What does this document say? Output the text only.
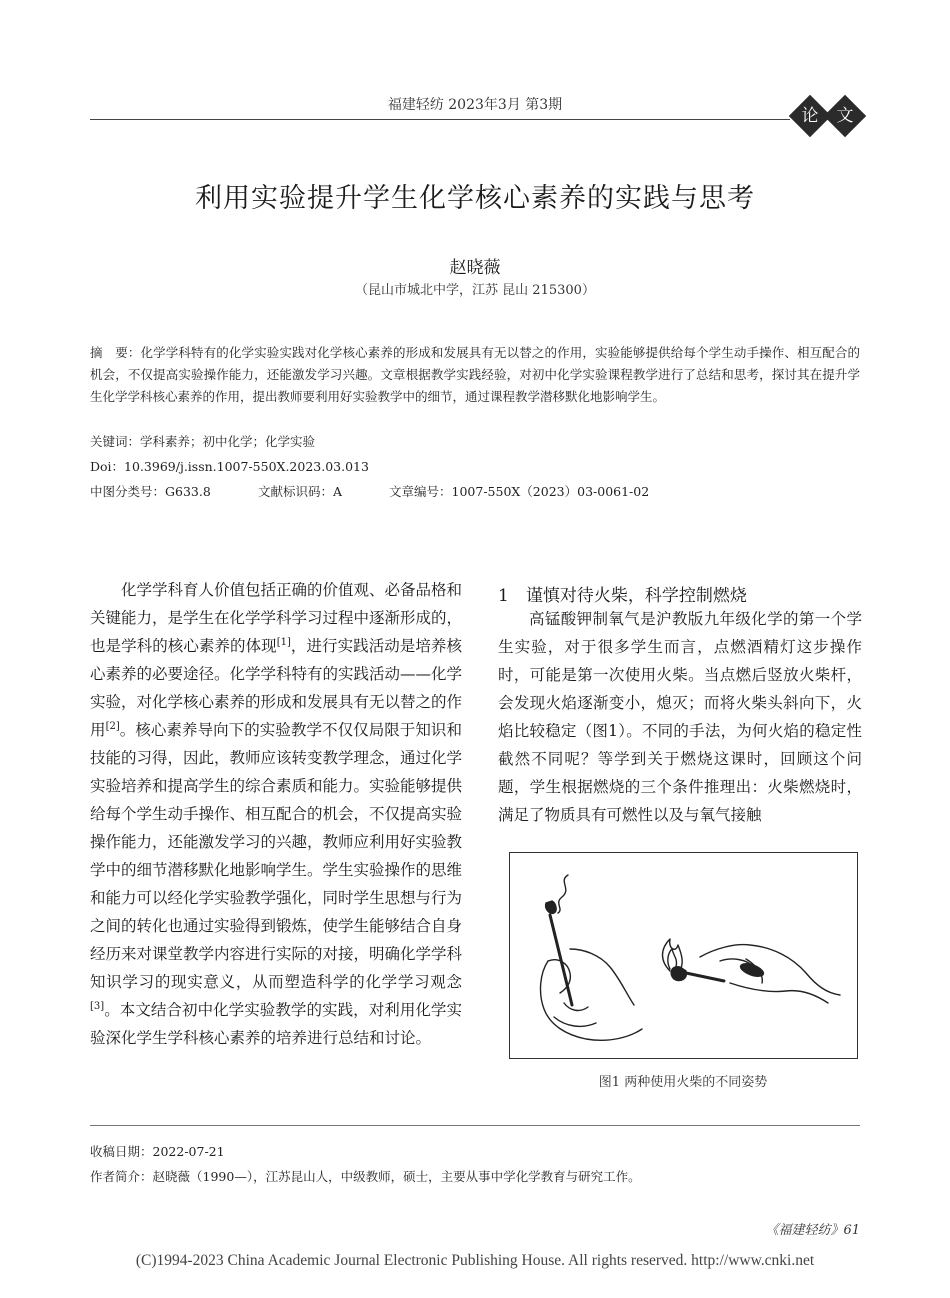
福建轻纺 2023年3月 第3期
论	文
利用实验提升学生化学核心素养的实践与思考
赵晓薇
（昆山市城北中学，江苏 昆山 215300）
摘　要：化学学科特有的化学实验实践对化学核心素养的形成和发展具有无以替之的作用，实验能够提供给每个学生动手操作、相互配合的机会，不仅提高实验操作能力，还能激发学习兴趣。文章根据教学实践经验，对初中化学实验课程教学进行了总结和思考，探讨其在提升学生化学学科核心素养的作用，提出教师要利用好实验教学中的细节，通过课程教学潜移默化地影响学生。
关键词：学科素养；初中化学；化学实验
Doi：10.3969/j.issn.1007-550X.2023.03.013
中图分类号：G633.8	文献标识码：A	文章编号：1007-550X（2023）03-0061-02
化学学科育人价值包括正确的价值观、必备品格和关键能力，是学生在化学学科学习过程中逐渐形成的，也是学科的核心素养的体现[1]，进行实践活动是培养核心素养的必要途径。化学学科特有的实践活动——化学实验，对化学核心素养的形成和发展具有无以替之的作用[2]。核心素养导向下的实验教学不仅仅局限于知识和技能的习得，因此，教师应该转变教学理念，通过化学实验培养和提高学生的综合素质和能力。实验能够提供给每个学生动手操作、相互配合的机会，不仅提高实验操作能力，还能激发学习的兴趣，教师应利用好实验教学中的细节潜移默化地影响学生。学生实验操作的思维和能力可以经化学实验教学强化，同时学生思想与行为之间的转化也通过实验得到锻炼，使学生能够结合自身经历来对课堂教学内容进行实际的对接，明确化学学科知识学习的现实意义，从而塑造科学的化学学习观念[3]。本文结合初中化学实验教学的实践，对利用化学实验深化学生学科核心素养的培养进行总结和讨论。
1　谨慎对待火柴，科学控制燃烧
高锰酸钾制氧气是沪教版九年级化学的第一个学生实验，对于很多学生而言，点燃酒精灯这步操作时，可能是第一次使用火柴。当点燃后竖放火柴杆，会发现火焰逐渐变小，熄灭；而将火柴头斜向下，火焰比较稳定（图1）。不同的手法，为何火焰的稳定性截然不同呢？等学到关于燃烧这课时，回顾这个问题，学生根据燃烧的三个条件推理出：火柴燃烧时，满足了物质具有可燃性以及与氧气接触
图1 两种使用火柴的不同姿势
收稿日期：2022-07-21
作者简介：赵晓薇（1990—），江苏昆山人，中级教师，硕士，主要从事中学化学教育与研究工作。
《福建轻纺》61
(C)1994-2023 China Academic Journal Electronic Publishing House. All rights reserved. http://www.cnki.net
